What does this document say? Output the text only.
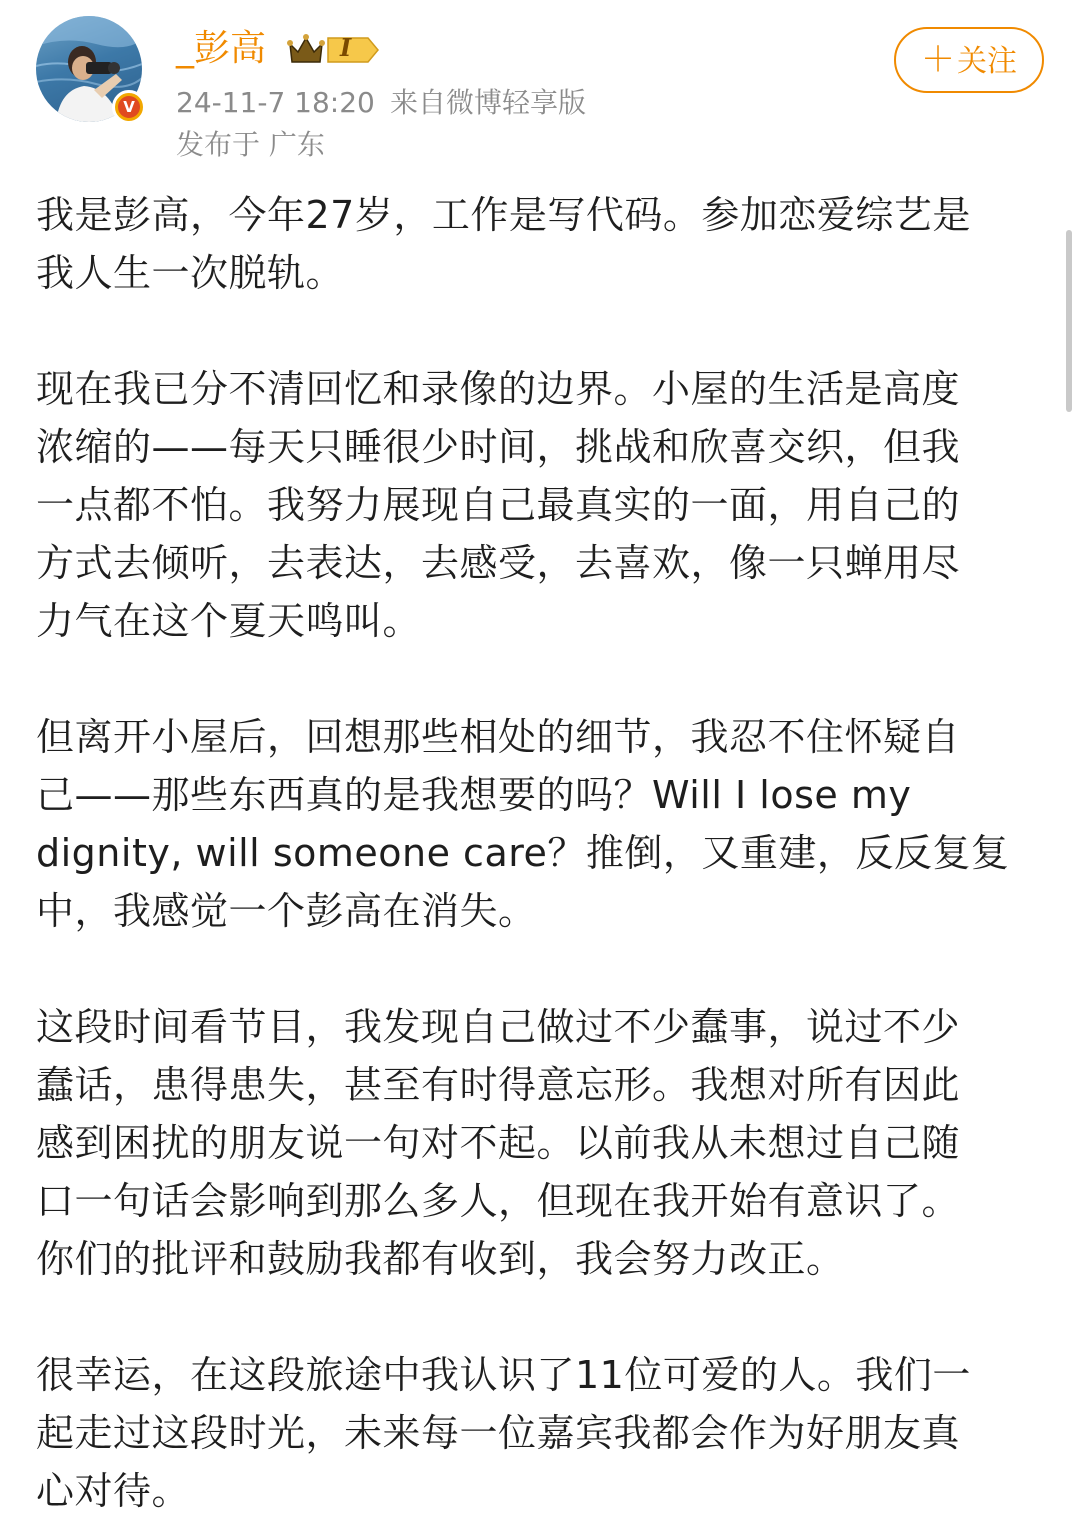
V
_彭高	I
24-11-7 18:20 来自微博轻享版
发布于 广东
＋关注

我是彭高，今年27岁，工作是写代码。参加恋爱综艺是
我人生一次脱轨。

现在我已分不清回忆和录像的边界。小屋的生活是高度
浓缩的——每天只睡很少时间，挑战和欣喜交织，但我
一点都不怕。我努力展现自己最真实的一面，用自己的
方式去倾听，去表达，去感受，去喜欢，像一只蝉用尽
力气在这个夏天鸣叫。

但离开小屋后，回想那些相处的细节，我忍不住怀疑自
己——那些东西真的是我想要的吗？Will I lose my
dignity, will someone care？推倒，又重建，反反复复
中，我感觉一个彭高在消失。

这段时间看节目，我发现自己做过不少蠢事，说过不少
蠢话，患得患失，甚至有时得意忘形。我想对所有因此
感到困扰的朋友说一句对不起。以前我从未想过自己随
口一句话会影响到那么多人，但现在我开始有意识了。
你们的批评和鼓励我都有收到，我会努力改正。

很幸运，在这段旅途中我认识了11位可爱的人。我们一
起走过这段时光，未来每一位嘉宾我都会作为好朋友真
心对待。
